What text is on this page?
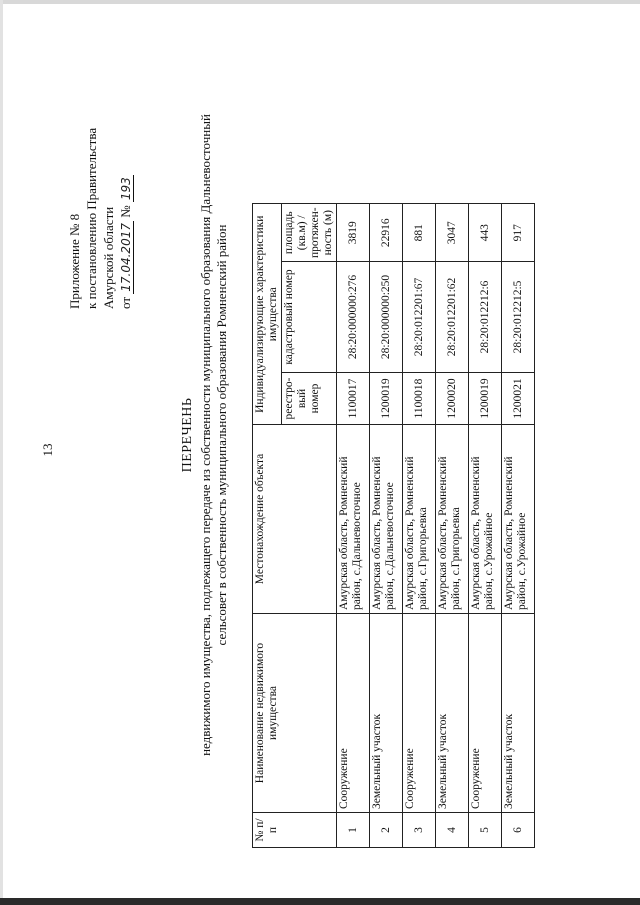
13
Приложение № 8 к постановлению Правительства Амурской области от 17.04.2017 № 193
ПЕРЕЧЕНЬ недвижимого имущества, подлежащего передаче из собственности муниципального образования Дальневосточный сельсовет в собственность муниципального образования Ромненский район
№ п/п	Наименование недвижимого имущества	Местонахождение объекта	Индивидуализирующие характеристики имущества		
			реестро-вый номер	кадастровый номер	площадь (кв.м) / протяжен-ность (м)
1	Сооружение	Амурская область, Ромненский район, с.Дальневосточное	1100017	28:20:000000:276	3819
2	Земельный участок	Амурская область, Ромненский район, с.Дальневосточное	1200019	28:20:000000:250	22916
3	Сооружение	Амурская область, Ромненский район, с.Григорьевка	1100018	28:20:012201:67	881
4	Земельный участок	Амурская область, Ромненский район, с.Григорьевка	1200020	28:20:012201:62	3047
5	Сооружение	Амурская область, Ромненский район, с.Урожайное	1200019	28:20:012212:6	443
6	Земельный участок	Амурская область, Ромненский район, с.Урожайное	1200021	28:20:012212:5	917
